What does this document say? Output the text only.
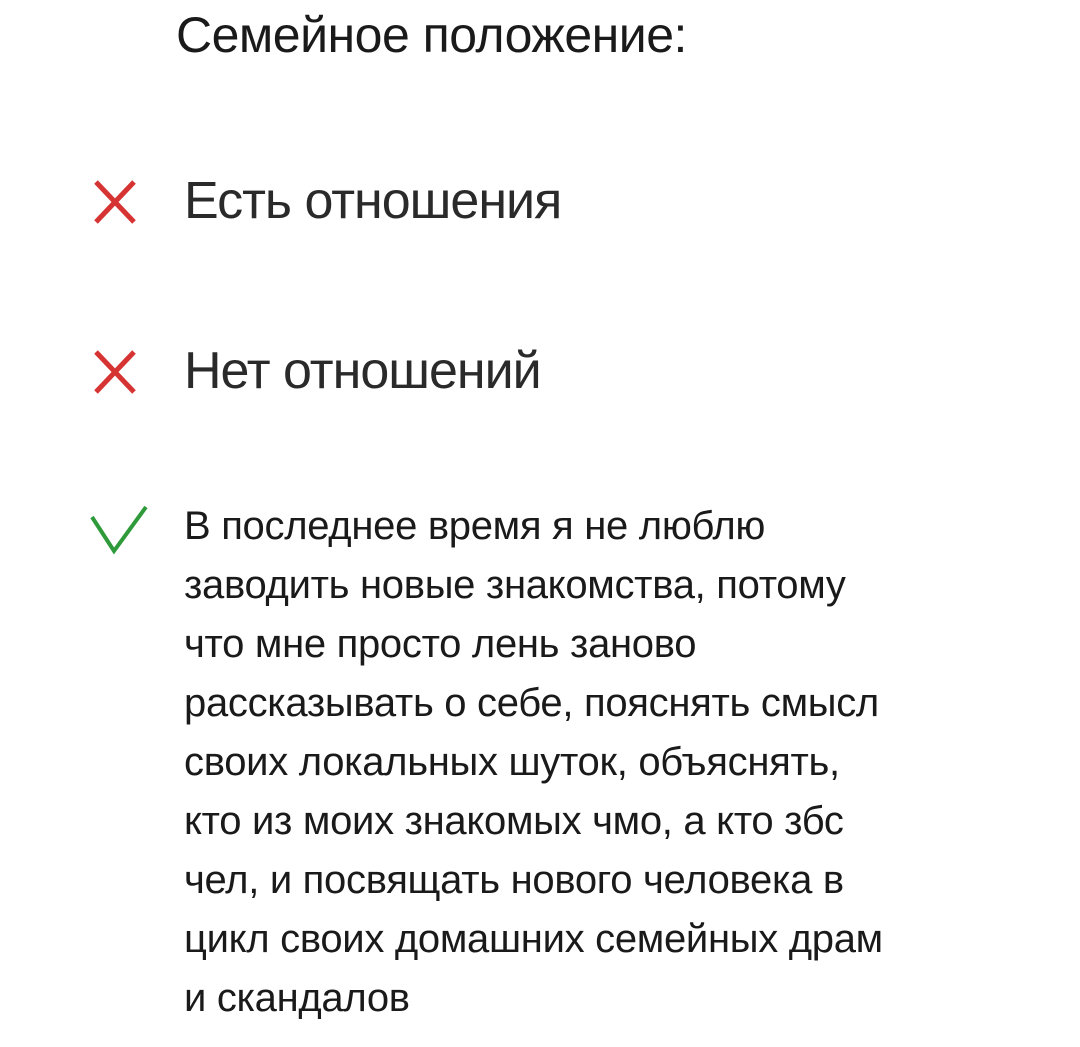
Семейное положение:
Есть отношения
Нет отношений
В последнее время я не люблю
заводить новые знакомства, потому
что мне просто лень заново
рассказывать о себе, пояснять смысл
своих локальных шуток, объяснять,
кто из моих знакомых чмо, а кто збс
чел, и посвящать нового человека в
цикл своих домашних семейных драм
и скандалов
